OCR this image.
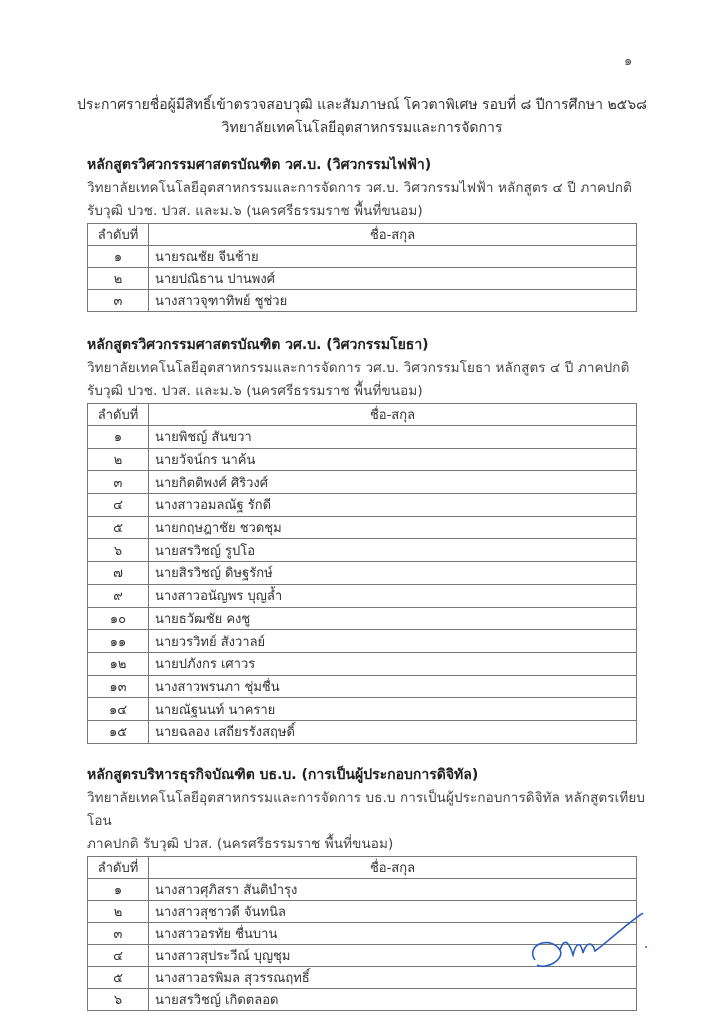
๑
ประกาศรายชื่อผู้มีสิทธิ์เข้าตรวจสอบวุฒิ และสัมภาษณ์ โควตาพิเศษ รอบที่ ๘ ปีการศึกษา ๒๕๖๘
วิทยาลัยเทคโนโลยีอุตสาหกรรมและการจัดการ
หลักสูตรวิศวกรรมศาสตรบัณฑิต วศ.บ. (วิศวกรรมไฟฟ้า)
วิทยาลัยเทคโนโลยีอุตสาหกรรมและการจัดการ วศ.บ. วิศวกรรมไฟฟ้า หลักสูตร ๔ ปี ภาคปกติ
รับวุฒิ ปวช. ปวส. และม.๖ (นครศรีธรรมราช พื้นที่ขนอม)
ลำดับที่	ชื่อ-สกุล
๑	นายรณชัย จีนช้าย
๒	นายปณิธาน ปานพงศ์
๓	นางสาวจุฑาทิพย์ ชูช่วย
หลักสูตรวิศวกรรมศาสตรบัณฑิต วศ.บ. (วิศวกรรมโยธา)
วิทยาลัยเทคโนโลยีอุตสาหกรรมและการจัดการ วศ.บ. วิศวกรรมโยธา หลักสูตร ๔ ปี ภาคปกติ
รับวุฒิ ปวช. ปวส. และม.๖ (นครศรีธรรมราช พื้นที่ขนอม)
ลำดับที่	ชื่อ-สกุล
๑	นายพิชญ์ สันขวา
๒	นายวัจน์กร นาค้น
๓	นายกิตติพงศ์ ศิริวงศ์
๔	นางสาวอมลณัฐ รักดี
๕	นายกฤษฎาชัย ชวดชุม
๖	นายสรวิชญ์ รูปโอ
๗	นายสิรวิชญ์ ดิษฐรักษ์
๙	นางสาวอนัญพร บุญล้ำ
๑๐	นายธวัฒชัย คงชู
๑๑	นายวรวิทย์ สังวาลย์
๑๒	นายปภังกร เศาวร
๑๓	นางสาวพรนภา ชุ่มชื่น
๑๔	นายณัฐนนท์ นาคราย
๑๕	นายฉลอง เสถียรรังสฤษดิ์
หลักสูตรบริหารธุรกิจบัณฑิต บธ.บ. (การเป็นผู้ประกอบการดิจิทัล)
วิทยาลัยเทคโนโลยีอุตสาหกรรมและการจัดการ บธ.บ การเป็นผู้ประกอบการดิจิทัล หลักสูตรเทียบโอน
ภาคปกติ รับวุฒิ ปวส. (นครศรีธรรมราช พื้นที่ขนอม)
ลำดับที่	ชื่อ-สกุล
๑	นางสาวศุภิสรา สันติบำรุง
๒	นางสาวสุชาวดี จันทนิล
๓	นางสาวอรทัย ชื่นบาน
๔	นางสาวสุประวีณ์ บุญชุม
๕	นางสาวอรพิมล สุวรรณฤทธิ์
๖	นายสรวิชญ์ เกิดตลอด
